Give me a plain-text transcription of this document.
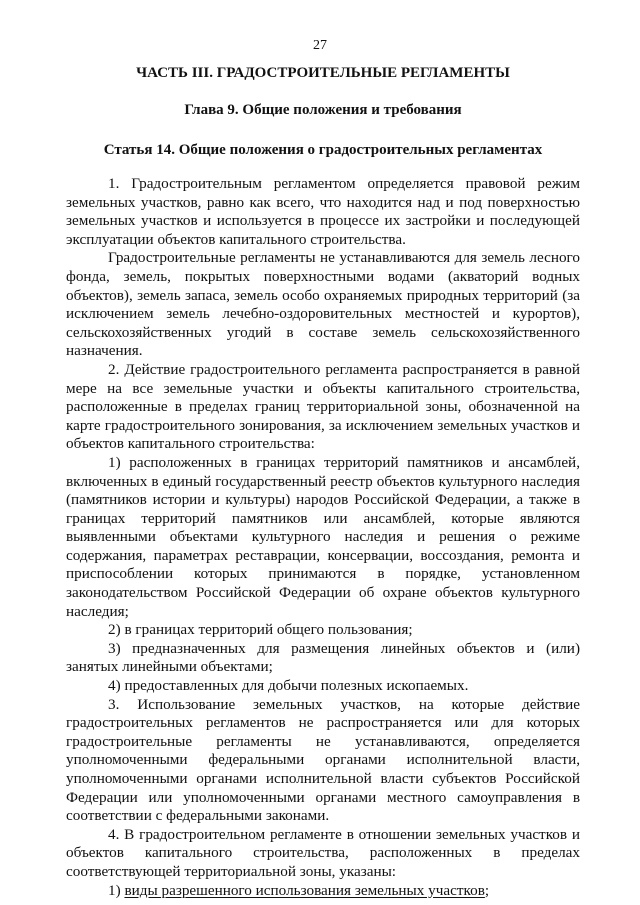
27
ЧАСТЬ III. ГРАДОСТРОИТЕЛЬНЫЕ РЕГЛАМЕНТЫ
Глава 9. Общие положения и требования
Статья 14. Общие положения о градостроительных регламентах

1. Градостроительным регламентом определяется правовой режим земельных участков, равно как всего, что находится над и под поверхностью земельных участков и используется в процессе их застройки и последующей эксплуатации объектов капитального строительства.

Градостроительные регламенты не устанавливаются для земель лесного фонда, земель, покрытых поверхностными водами (акваторий водных объектов), земель запаса, земель особо охраняемых природных территорий (за исключением земель лечебно-оздоровительных местностей и курортов), сельскохозяйственных угодий в составе земель сельскохозяйственного назначения.

2. Действие градостроительного регламента распространяется в равной мере на все земельные участки и объекты капитального строительства, расположенные в пределах границ территориальной зоны, обозначенной на карте градостроительного зонирования, за исключением земельных участков и объектов капитального строительства:

1) расположенных в границах территорий памятников и ансамблей, включенных в единый государственный реестр объектов культурного наследия (памятников истории и культуры) народов Российской Федерации, а также в границах территорий памятников или ансамблей, которые являются выявленными объектами культурного наследия и решения о режиме содержания, параметрах реставрации, консервации, воссоздания, ремонта и приспособлении которых принимаются в порядке, установленном законодательством Российской Федерации об охране объектов культурного наследия;

2) в границах территорий общего пользования;

3) предназначенных для размещения линейных объектов и (или) занятых линейными объектами;

4) предоставленных для добычи полезных ископаемых.

3. Использование земельных участков, на которые действие градостроительных регламентов не распространяется или для которых градостроительные регламенты не устанавливаются, определяется уполномоченными федеральными органами исполнительной власти, уполномоченными органами исполнительной власти субъектов Российской Федерации или уполномоченными органами местного самоуправления в соответствии с федеральными законами.

4. В градостроительном регламенте в отношении земельных участков и объектов капитального строительства, расположенных в пределах соответствующей территориальной зоны, указаны:

1) виды разрешенного использования земельных участков;
